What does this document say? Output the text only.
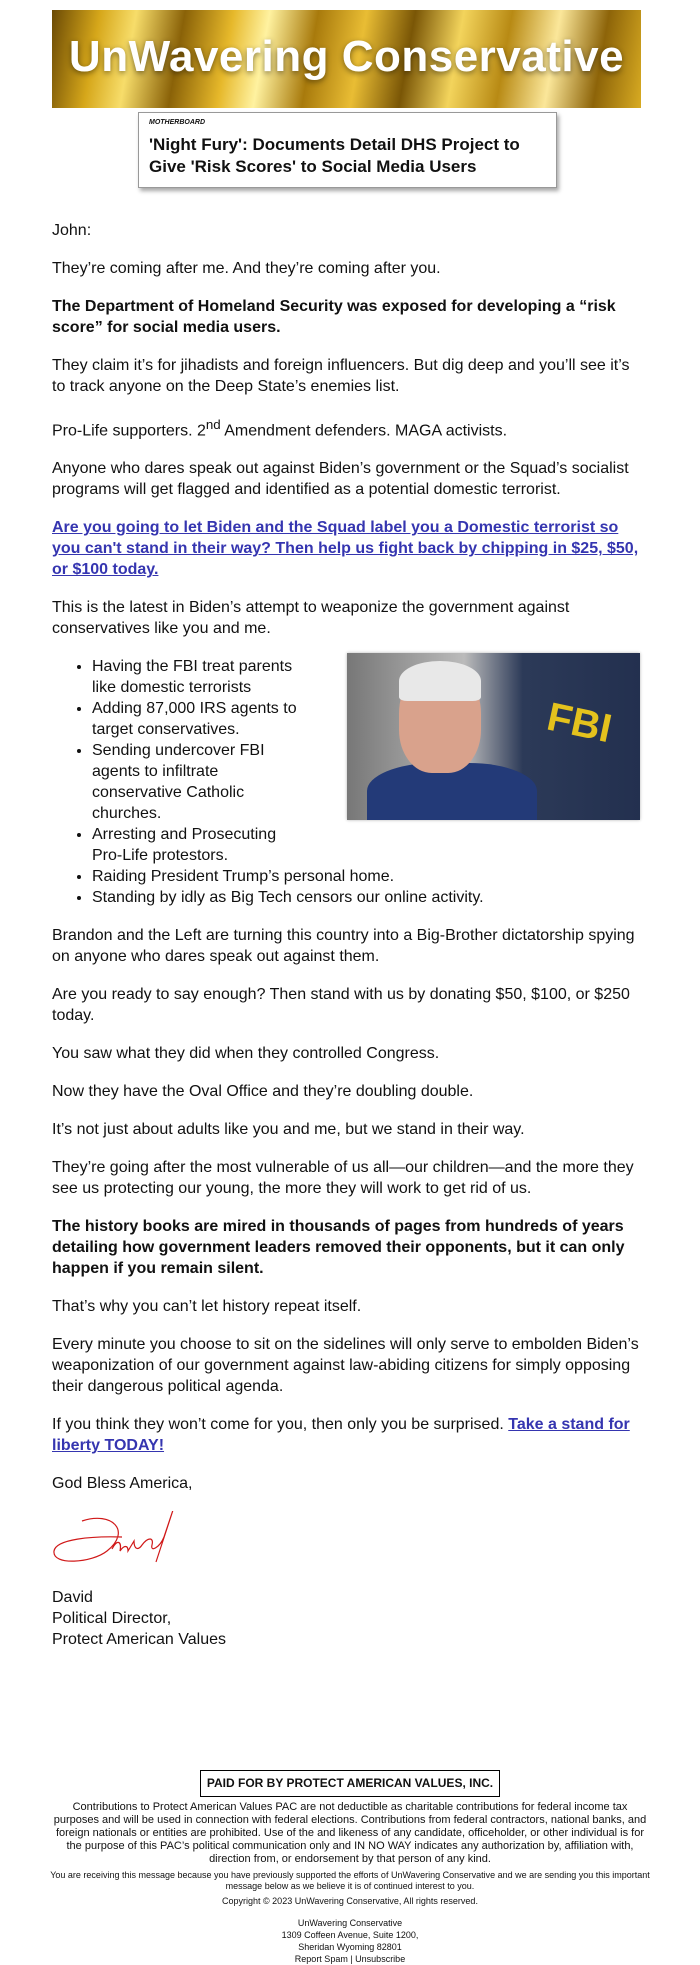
UnWavering Conservative
MOTHERBOARD
'Night Fury': Documents Detail DHS Project to Give 'Risk Scores' to Social Media Users

John:

They’re coming after me. And they’re coming after you.

The Department of Homeland Security was exposed for developing a “risk score” for social media users.

They claim it’s for jihadists and foreign influencers. But dig deep and you’ll see it’s to track anyone on the Deep State’s enemies list.

Pro-Life supporters. 2nd Amendment defenders. MAGA activists.

Anyone who dares speak out against Biden’s government or the Squad’s socialist programs will get flagged and identified as a potential domestic terrorist.

Are you going to let Biden and the Squad label you a Domestic terrorist so you can't stand in their way? Then help us fight back by chipping in $25, $50, or $100 today.

This is the latest in Biden’s attempt to weaponize the government against conservatives like you and me.

FBI
• Having the FBI treat parents like domestic terrorists
• Adding 87,000 IRS agents to target conservatives.
• Sending undercover FBI agents to infiltrate conservative Catholic churches.
• Arresting and Prosecuting Pro-Life protestors.
• Raiding President Trump’s personal home.
• Standing by idly as Big Tech censors our online activity.

Brandon and the Left are turning this country into a Big-Brother dictatorship spying on anyone who dares speak out against them.

Are you ready to say enough? Then stand with us by donating $50, $100, or $250 today.

You saw what they did when they controlled Congress.

Now they have the Oval Office and they’re doubling double.

It’s not just about adults like you and me, but we stand in their way.

They’re going after the most vulnerable of us all—our children—and the more they see us protecting our young, the more they will work to get rid of us.

The history books are mired in thousands of pages from hundreds of years detailing how government leaders removed their opponents, but it can only happen if you remain silent.

That’s why you can’t let history repeat itself.

Every minute you choose to sit on the sidelines will only serve to embolden Biden’s weaponization of our government against law-abiding citizens for simply opposing their dangerous political agenda.

If you think they won’t come for you, then only you be surprised. Take a stand for liberty TODAY!

God Bless America,

David
Political Director,
Protect American Values
PAID FOR BY PROTECT AMERICAN VALUES, INC.
Contributions to Protect American Values PAC are not deductible as charitable contributions for federal income tax purposes and will be used in connection with federal elections. Contributions from federal contractors, national banks, and foreign nationals or entities are prohibited. Use of the and likeness of any candidate, officeholder, or other individual is for the purpose of this PAC’s political communication only and IN NO WAY indicates any authorization by, affiliation with, direction from, or endorsement by that person of any kind.
You are receiving this message because you have previously supported the efforts of UnWavering Conservative and we are sending you this important message below as we believe it is of continued interest to you.
Copyright © 2023 UnWavering Conservative, All rights reserved.
UnWavering Conservative
1309 Coffeen Avenue, Suite 1200,
Sheridan Wyoming 82801
Report Spam | Unsubscribe
